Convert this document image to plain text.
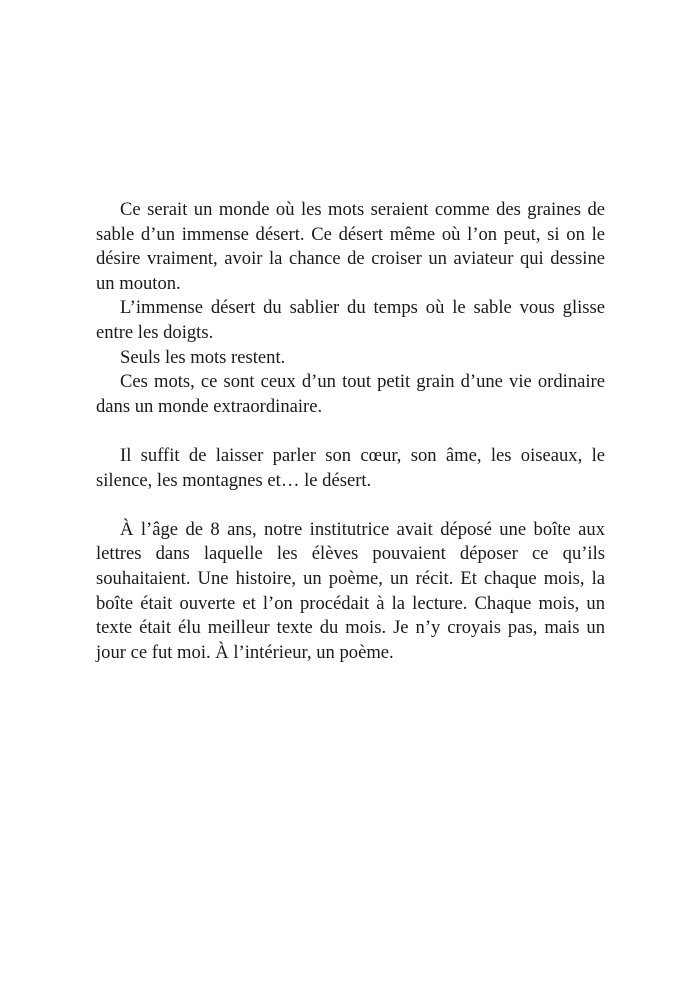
Ce serait un monde où les mots seraient comme des graines de sable d’un immense désert. Ce désert même où l’on peut, si on le désire vraiment, avoir la chance de croiser un aviateur qui dessine un mouton.

L’immense désert du sablier du temps où le sable vous glisse entre les doigts.

Seuls les mots restent.

Ces mots, ce sont ceux d’un tout petit grain d’une vie ordinaire dans un monde extraordinaire.

Il suffit de laisser parler son cœur, son âme, les oiseaux, le silence, les montagnes et… le désert.

À l’âge de 8 ans, notre institutrice avait déposé une boîte aux lettres dans laquelle les élèves pouvaient déposer ce qu’ils souhaitaient. Une histoire, un poème, un récit. Et chaque mois, la boîte était ouverte et l’on procédait à la lecture. Chaque mois, un texte était élu meilleur texte du mois. Je n’y croyais pas, mais un jour ce fut moi. À l’intérieur, un poème.
